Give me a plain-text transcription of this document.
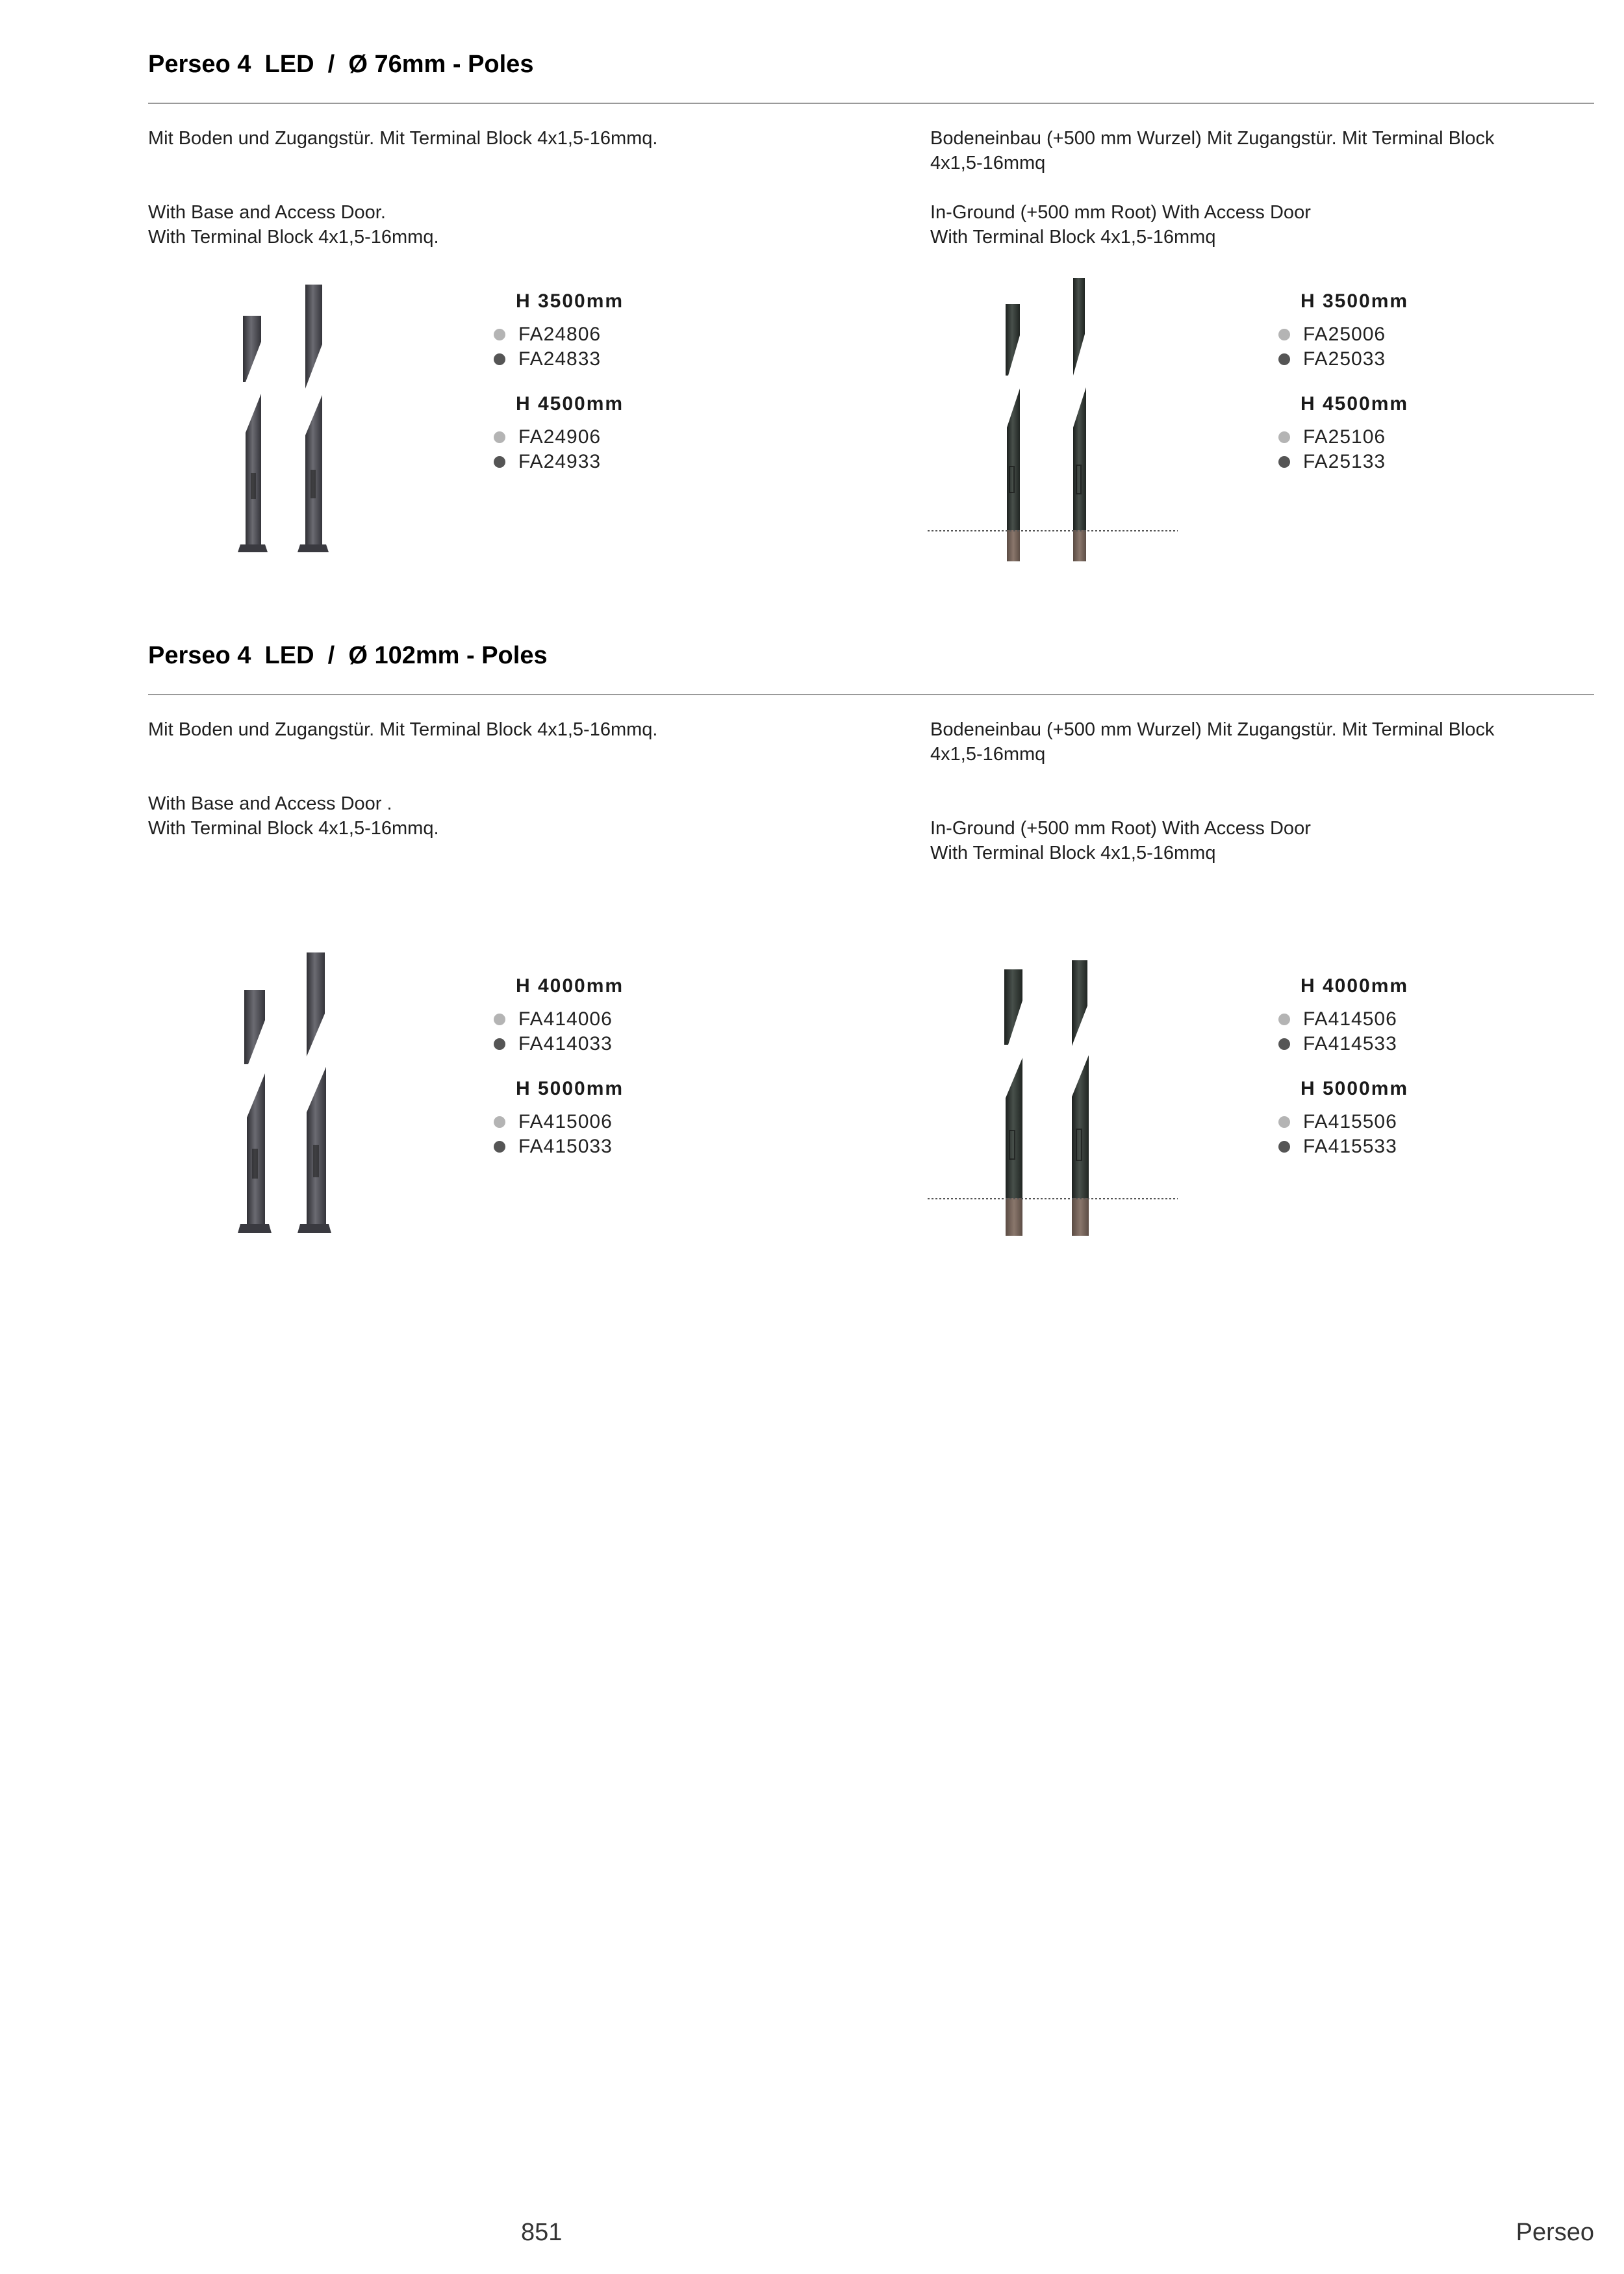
Perseo 4  LED  /  Ø 76mm - Poles

Mit Boden und Zugangstür. Mit Terminal Block 4x1,5-16mmq.

With Base and Access Door.

With Terminal Block 4x1,5-16mmq.

Bodeneinbau (+500 mm Wurzel) Mit Zugangstür. Mit Terminal Block

4x1,5-16mmq

In-Ground (+500 mm Root) With Access Door

With Terminal Block 4x1,5-16mmq

H 3500mm
FA24806
FA24833
H 4500mm
FA24906
FA24933
H 3500mm
FA25006
FA25033
H 4500mm
FA25106
FA25133
Perseo 4  LED  /  Ø 102mm - Poles

Mit Boden und Zugangstür. Mit Terminal Block 4x1,5-16mmq.

With Base and Access Door .

With Terminal Block 4x1,5-16mmq.

Bodeneinbau (+500 mm Wurzel) Mit Zugangstür. Mit Terminal Block

4x1,5-16mmq

In-Ground (+500 mm Root) With Access Door

With Terminal Block 4x1,5-16mmq

H 4000mm
FA414006
FA414033
H 5000mm
FA415006
FA415033
H 4000mm
FA414506
FA414533
H 5000mm
FA415506
FA415533
851	Perseo
